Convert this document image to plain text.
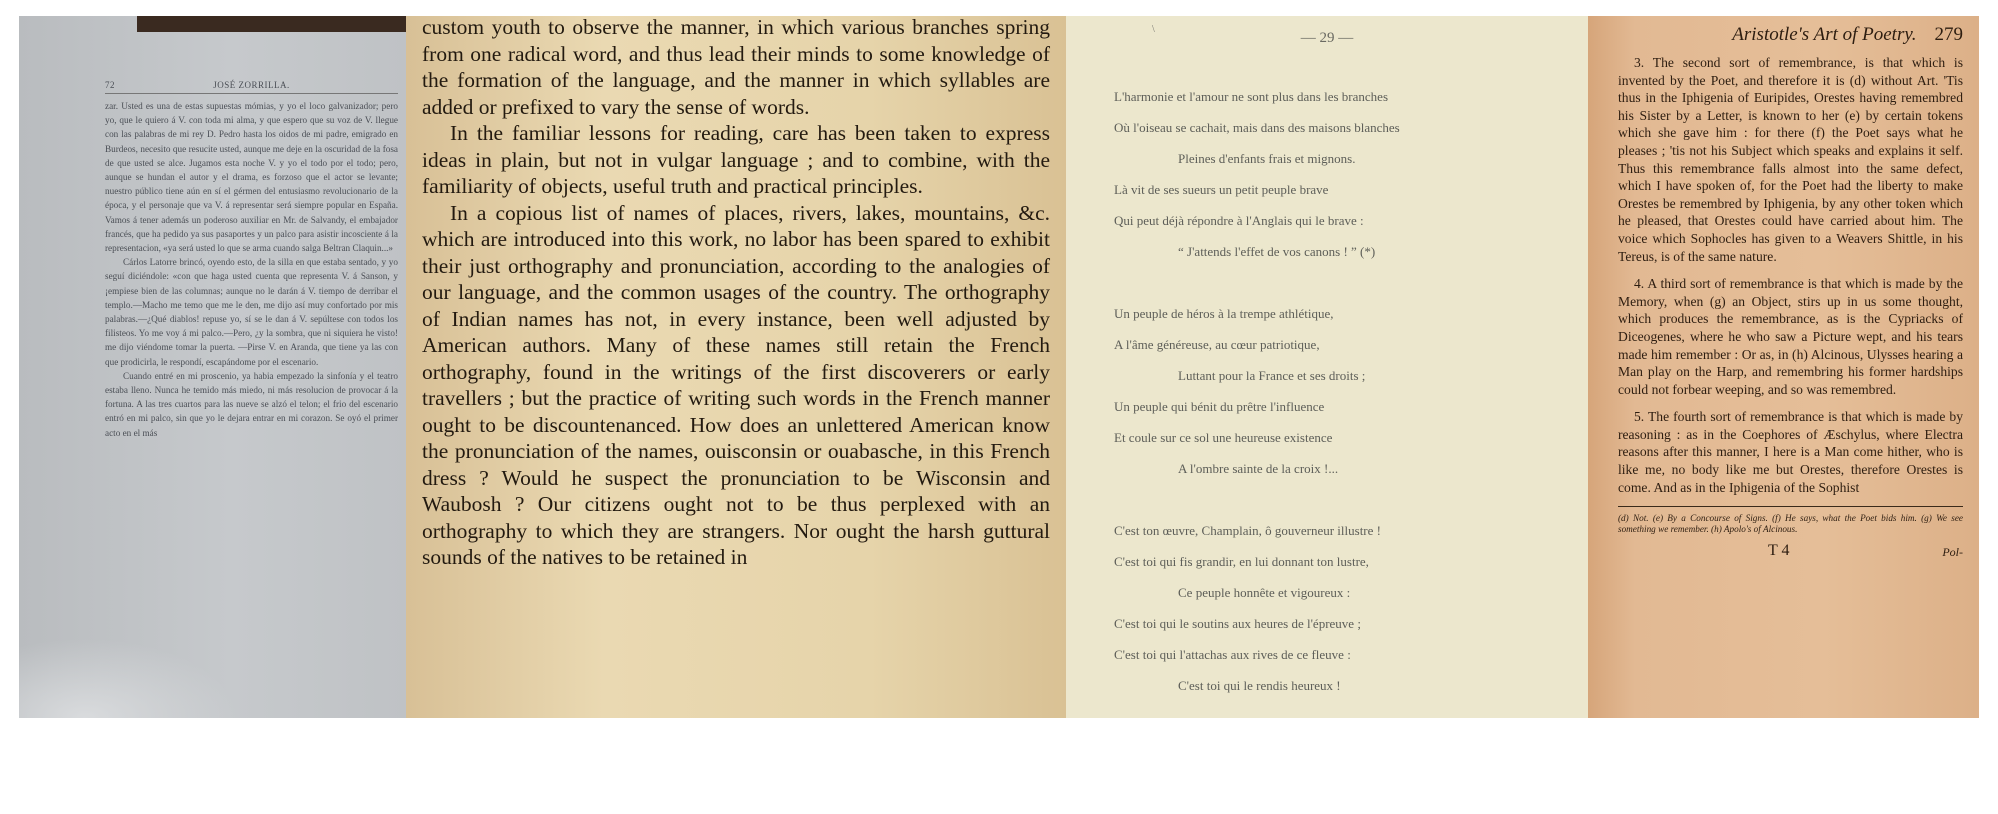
72	JOSÉ ZORRILLA.

zar. Usted es una de estas supuestas mómias, y yo el loco galvanizador; pero yo, que le quiero á V. con toda mi alma, y que espero que su voz de V. llegue con las palabras de mi rey D. Pedro hasta los oidos de mi padre, emigrado en Burdeos, necesito que resucite usted, aunque me deje en la oscuridad de la fosa de que usted se alce. Jugamos esta noche V. y yo el todo por el todo; pero, aunque se hundan el autor y el drama, es forzoso que el actor se levante; nuestro público tiene aún en sí el gérmen del entusiasmo revolucionario de la época, y el personaje que va V. á representar será siempre popular en España. Vamos á tener además un poderoso auxiliar en Mr. de Salvandy, el embajador francés, que ha pedido ya sus pasaportes y un palco para asistir incosciente á la representacion, «ya será usted lo que se arma cuando salga Beltran Claquin...»

Cárlos Latorre brincó, oyendo esto, de la silla en que estaba sentado, y yo seguí diciéndole: «con que haga usted cuenta que representa V. á Sanson, y ¡empiese bien de las columnas; aunque no le darán á V. tiempo de derribar el templo.—Macho me temo que me le den, me dijo así muy confortado por mis palabras.—¿Qué diablos! repuse yo, sí se le dan á V. sepúltese con todos los filisteos. Yo me voy á mi palco.—Pero, ¿y la sombra, que ni siquiera he visto! me dijo viéndome tomar la puerta. —Pirse V. en Aranda, que tiene ya las con que prodicirla, le respondí, escapándome por el escenario.

Cuando entré en mi proscenio, ya habia empezado la sinfonía y el teatro estaba lleno. Nunca he temido más miedo, ni más resolucion de provocar á la fortuna. A las tres cuartos para las nueve se alzó el telon; el frio del escenario entró en mi palco, sin que yo le dejara entrar en mi corazon. Se oyó el primer acto en el más

custom youth to observe the manner, in which various branches spring from one radical word, and thus lead their minds to some knowledge of the formation of the language, and the manner in which syllables are added or prefixed to vary the sense of words.

In the familiar lessons for reading, care has been taken to express ideas in plain, but not in vulgar language ; and to combine, with the familiarity of objects, useful truth and practical principles.

In a copious list of names of places, rivers, lakes, mountains, &c. which are introduced into this work, no labor has been spared to exhibit their just orthography and pronunciation, according to the analogies of our language, and the common usages of the country. The orthography of Indian names has not, in every instance, been well adjusted by American authors. Many of these names still retain the French orthography, found in the writings of the first discoverers or early travellers ; but the practice of writing such words in the French manner ought to be discountenanced. How does an unlettered American know the pronunciation of the names, ouisconsin or ouabasche, in this French dress ? Would he suspect the pronunciation to be Wisconsin and Waubosh ? Our citizens ought not to be thus perplexed with an orthography to which they are strangers. Nor ought the harsh guttural sounds of the natives to be retained in

\
— 29 —
L'harmonie et l'amour ne sont plus dans les branches
Où l'oiseau se cachait, mais dans des maisons blanches
Pleines d'enfants frais et mignons.
Là vit de ses sueurs un petit peuple brave
Qui peut déjà répondre à l'Anglais qui le brave :
“ J'attends l'effet de vos canons ! ” (*)
Un peuple de héros à la trempe athlétique,
A l'âme généreuse, au cœur patriotique,
Luttant pour la France et ses droits ;
Un peuple qui bénit du prêtre l'influence
Et coule sur ce sol une heureuse existence
A l'ombre sainte de la croix !...
C'est ton œuvre, Champlain, ô gouverneur illustre !
C'est toi qui fis grandir, en lui donnant ton lustre,
Ce peuple honnête et vigoureux :
C'est toi qui le soutins aux heures de l'épreuve ;
C'est toi qui l'attachas aux rives de ce fleuve :
C'est toi qui le rendis heureux !
Aristotle's Art of Poetry. 279

3. The second sort of remembrance, is that which is invented by the Poet, and therefore it is (d) without Art. 'Tis thus in the Iphigenia of Euripides, Orestes having remembred his Sister by a Letter, is known to her (e) by certain tokens which she gave him : for there (f) the Poet says what he pleases ; 'tis not his Subject which speaks and explains it self. Thus this remembrance falls almost into the same defect, which I have spoken of, for the Poet had the liberty to make Orestes be remembred by Iphigenia, by any other token which he pleased, that Orestes could have carried about him. The voice which Sophocles has given to a Weavers Shittle, in his Tereus, is of the same nature.

4. A third sort of remembrance is that which is made by the Memory, when (g) an Object, stirs up in us some thought, which produces the remembrance, as is the Cypriacks of Diceogenes, where he who saw a Picture wept, and his tears made him remember : Or as, in (h) Alcinous, Ulysses hearing a Man play on the Harp, and remembring his former hardships could not forbear weeping, and so was remembred.

5. The fourth sort of remembrance is that which is made by reasoning : as in the Coephores of Æschylus, where Electra reasons after this manner, I here is a Man come hither, who is like me, no body like me but Orestes, therefore Orestes is come. And as in the Iphigenia of the Sophist

(d) Not. (e) By a Concourse of Signs. (f) He says, what the Poet bids him. (g) We see something we remember. (h) Apolo's of Alcinous.
T 4	Pol-
